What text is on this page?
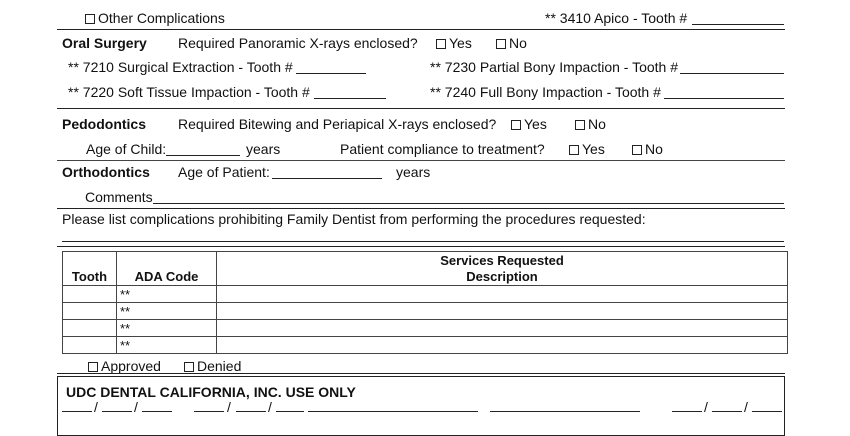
Other Complications	** 3410 Apico - Tooth #
Oral Surgery Required Panoramic X-rays enclosed?	Yes	No
** 7210 Surgical Extraction - Tooth #	** 7230 Partial Bony Impaction - Tooth #
** 7220 Soft Tissue Impaction - Tooth #	** 7240 Full Bony Impaction - Tooth #
Pedodontics Required Bitewing and Periapical X-rays enclosed?	Yes	No
Age of Child:	years	Patient compliance to treatment?	Yes	No
Orthodontics Age of Patient:	years
Comments
Please list complications prohibiting Family Dentist from performing the procedures requested:
		Services Requested
Tooth	ADA Code	Description
	**	
	**	
	**	
	**	
Approved	Denied
UDC DENTAL CALIFORNIA, INC. USE ONLY
/	/	/	/	/	/
